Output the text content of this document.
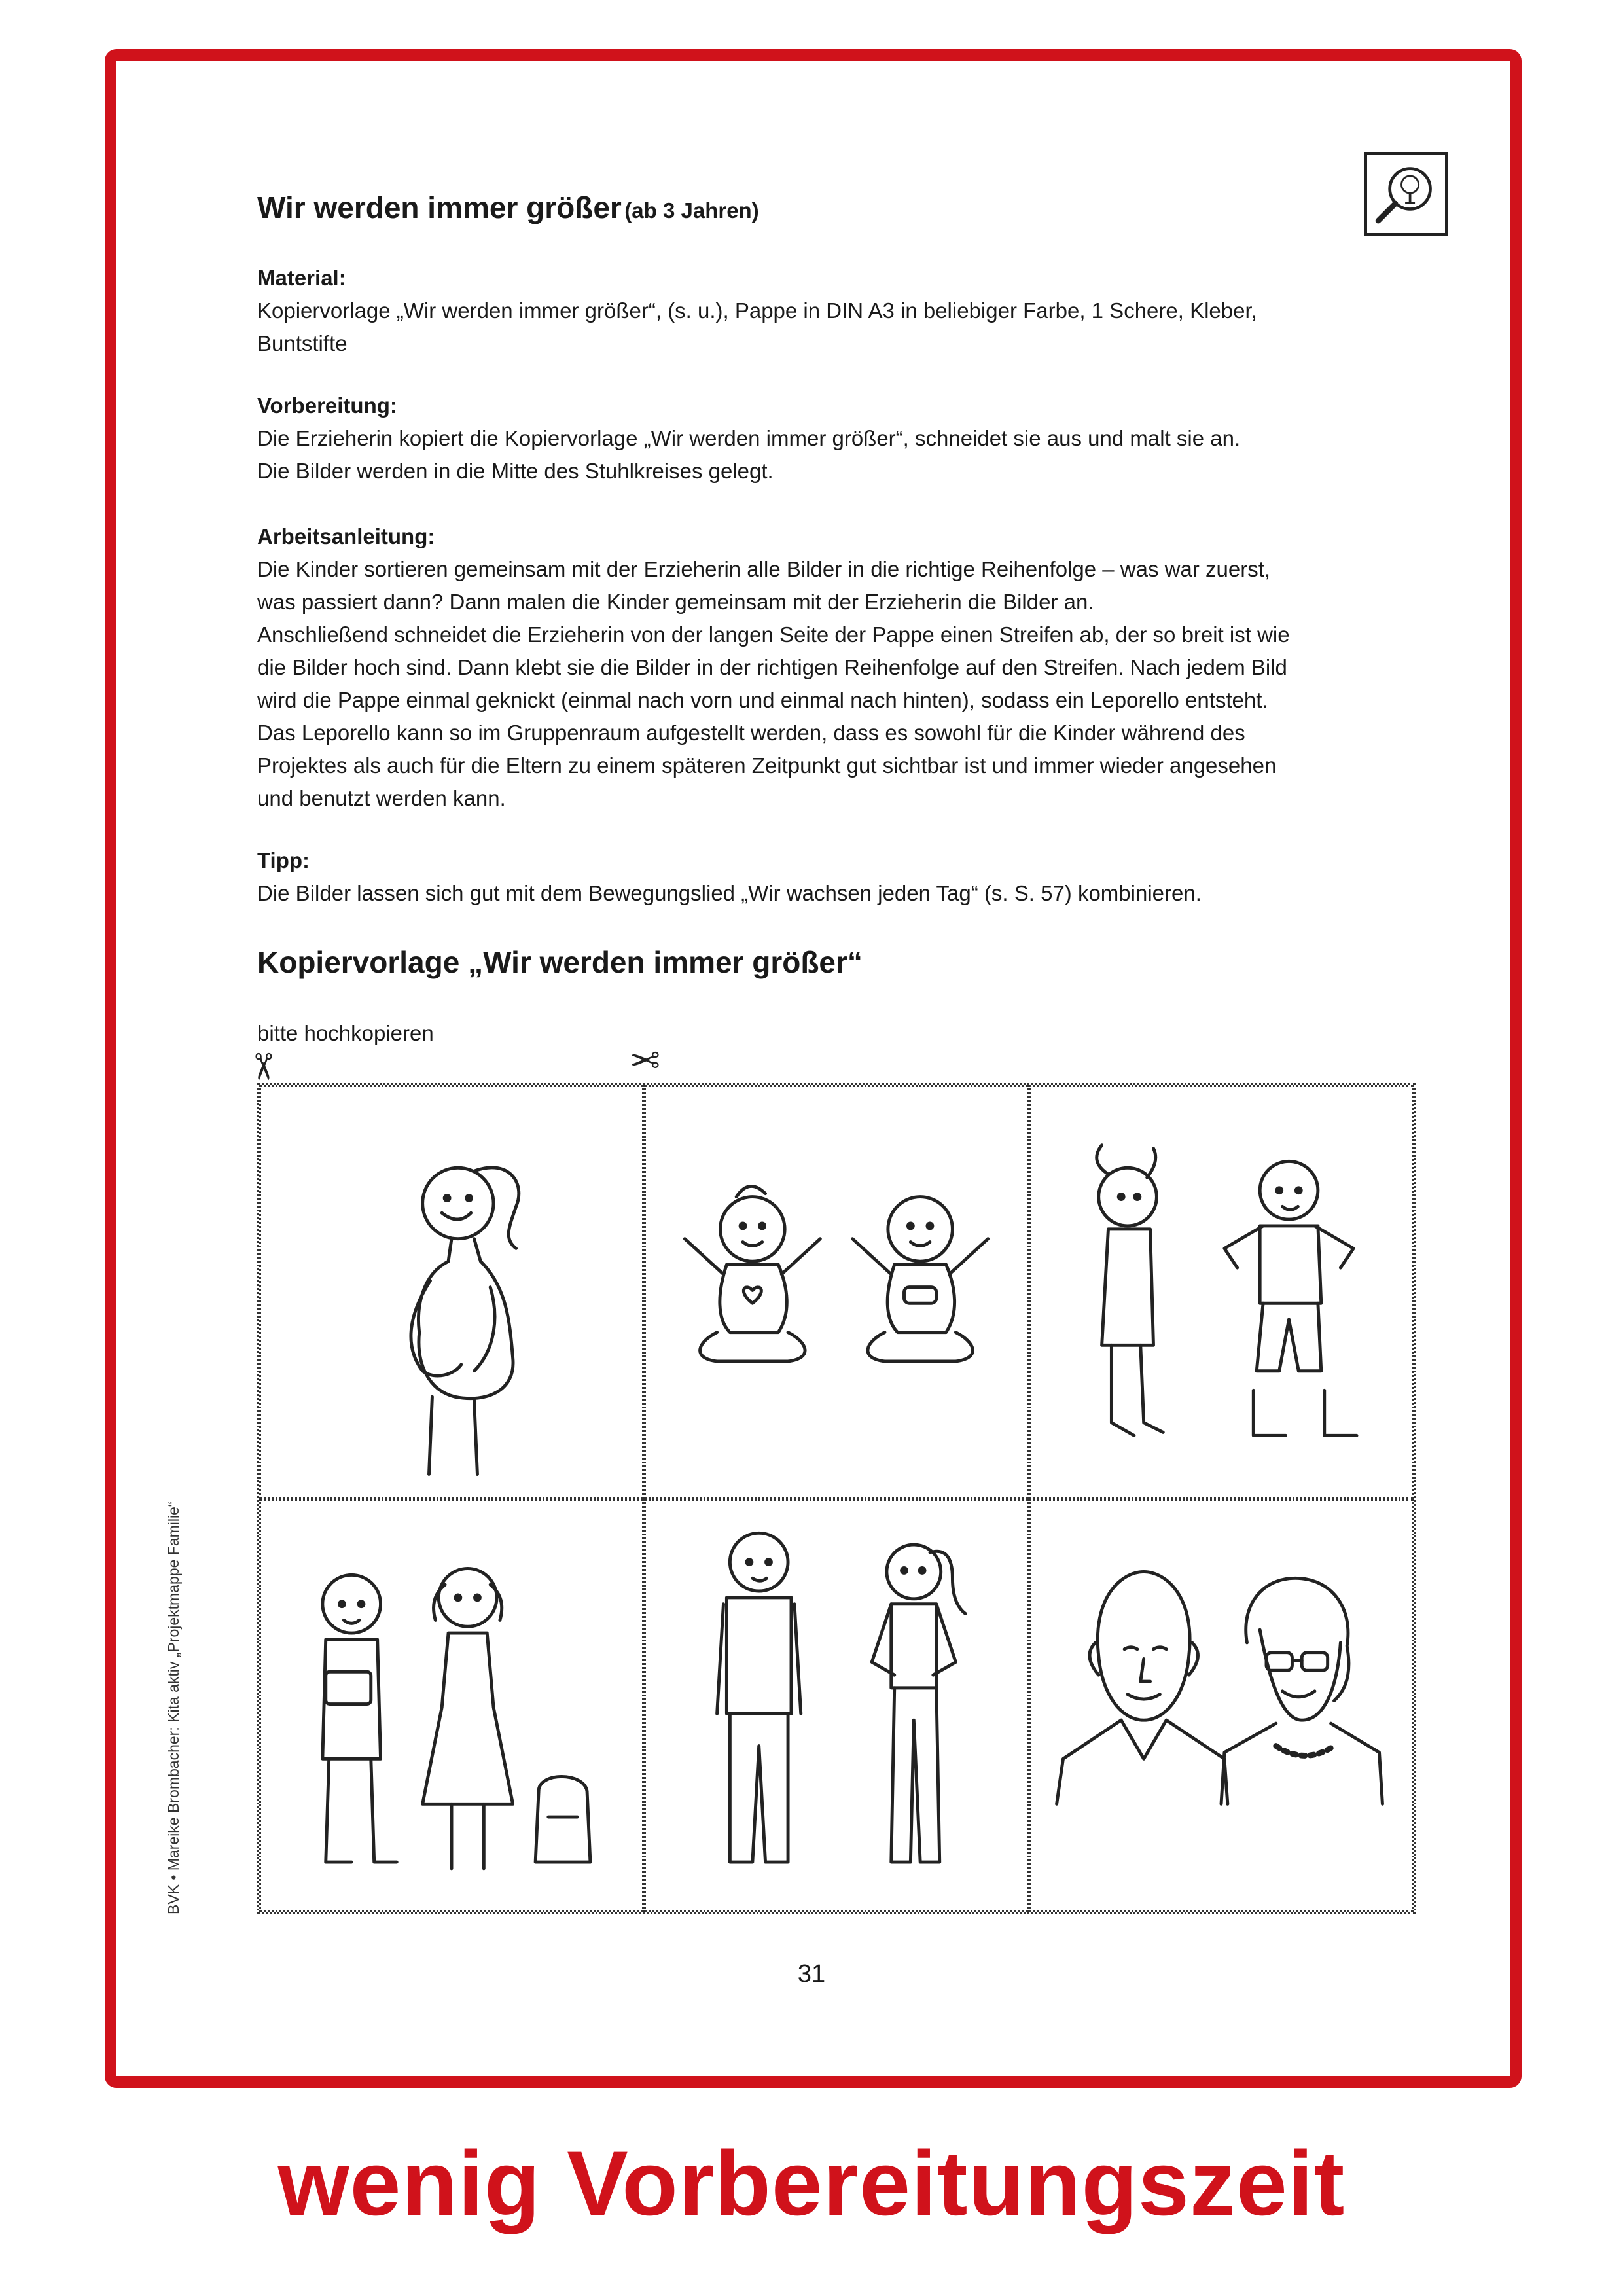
Wir werden immer größer (ab 3 Jahren)
Material:
Kopiervorlage „Wir werden immer größer“, (s. u.), Pappe in DIN A3 in beliebiger Farbe, 1 Schere, Kleber,
Buntstifte
Vorbereitung:
Die Erzieherin kopiert die Kopiervorlage „Wir werden immer größer“, schneidet sie aus und malt sie an.
Die Bilder werden in die Mitte des Stuhlkreises gelegt.
Arbeitsanleitung:
Die Kinder sortieren gemeinsam mit der Erzieherin alle Bilder in die richtige Reihenfolge – was war zuerst,
was passiert dann? Dann malen die Kinder gemeinsam mit der Erzieherin die Bilder an.
Anschließend schneidet die Erzieherin von der langen Seite der Pappe einen Streifen ab, der so breit ist wie
die Bilder hoch sind. Dann klebt sie die Bilder in der richtigen Reihenfolge auf den Streifen. Nach jedem Bild
wird die Pappe einmal geknickt (einmal nach vorn und einmal nach hinten), sodass ein Leporello entsteht.
Das Leporello kann so im Gruppenraum aufgestellt werden, dass es sowohl für die Kinder während des
Projektes als auch für die Eltern zu einem späteren Zeitpunkt gut sichtbar ist und immer wieder angesehen
und benutzt werden kann.
Tipp:
Die Bilder lassen sich gut mit dem Bewegungslied „Wir wachsen jeden Tag“ (s. S. 57) kombinieren.
Kopiervorlage „Wir werden immer größer“
bitte hochkopieren
✂	✂
BVK • Mareike Brombacher: Kita aktiv „Projektmappe Familie“
31
wenig Vorbereitungszeit
